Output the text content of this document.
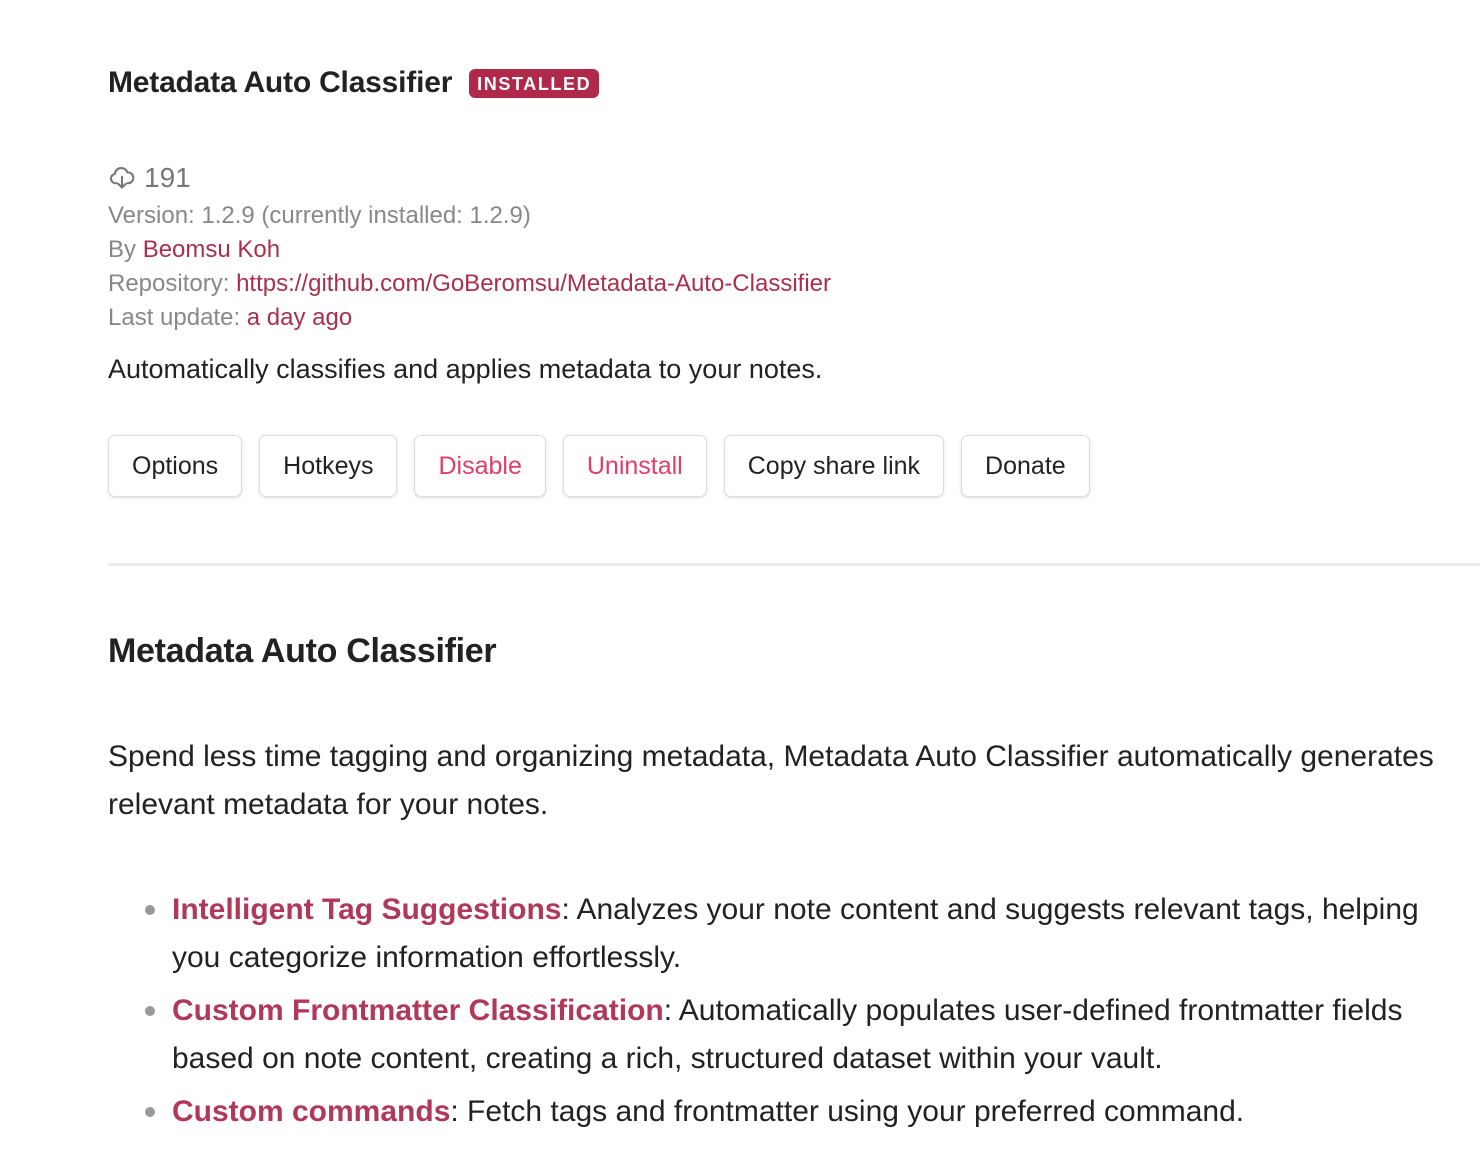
Metadata Auto Classifier	INSTALLED
191
Version: 1.2.9 (currently installed: 1.2.9)
By Beomsu Koh
Repository: https://github.com/GoBeromsu/Metadata-Auto-Classifier
Last update: a day ago
Automatically classifies and applies metadata to your notes.
Options	Hotkeys	Disable	Uninstall	Copy share link	Donate
Metadata Auto Classifier
Spend less time tagging and organizing metadata, Metadata Auto Classifier automatically generates relevant metadata for your notes.
Intelligent Tag Suggestions: Analyzes your note content and suggests relevant tags, helping you categorize information effortlessly.
Custom Frontmatter Classification: Automatically populates user-defined frontmatter fields based on note content, creating a rich, structured dataset within your vault.
Custom commands: Fetch tags and frontmatter using your preferred command.
